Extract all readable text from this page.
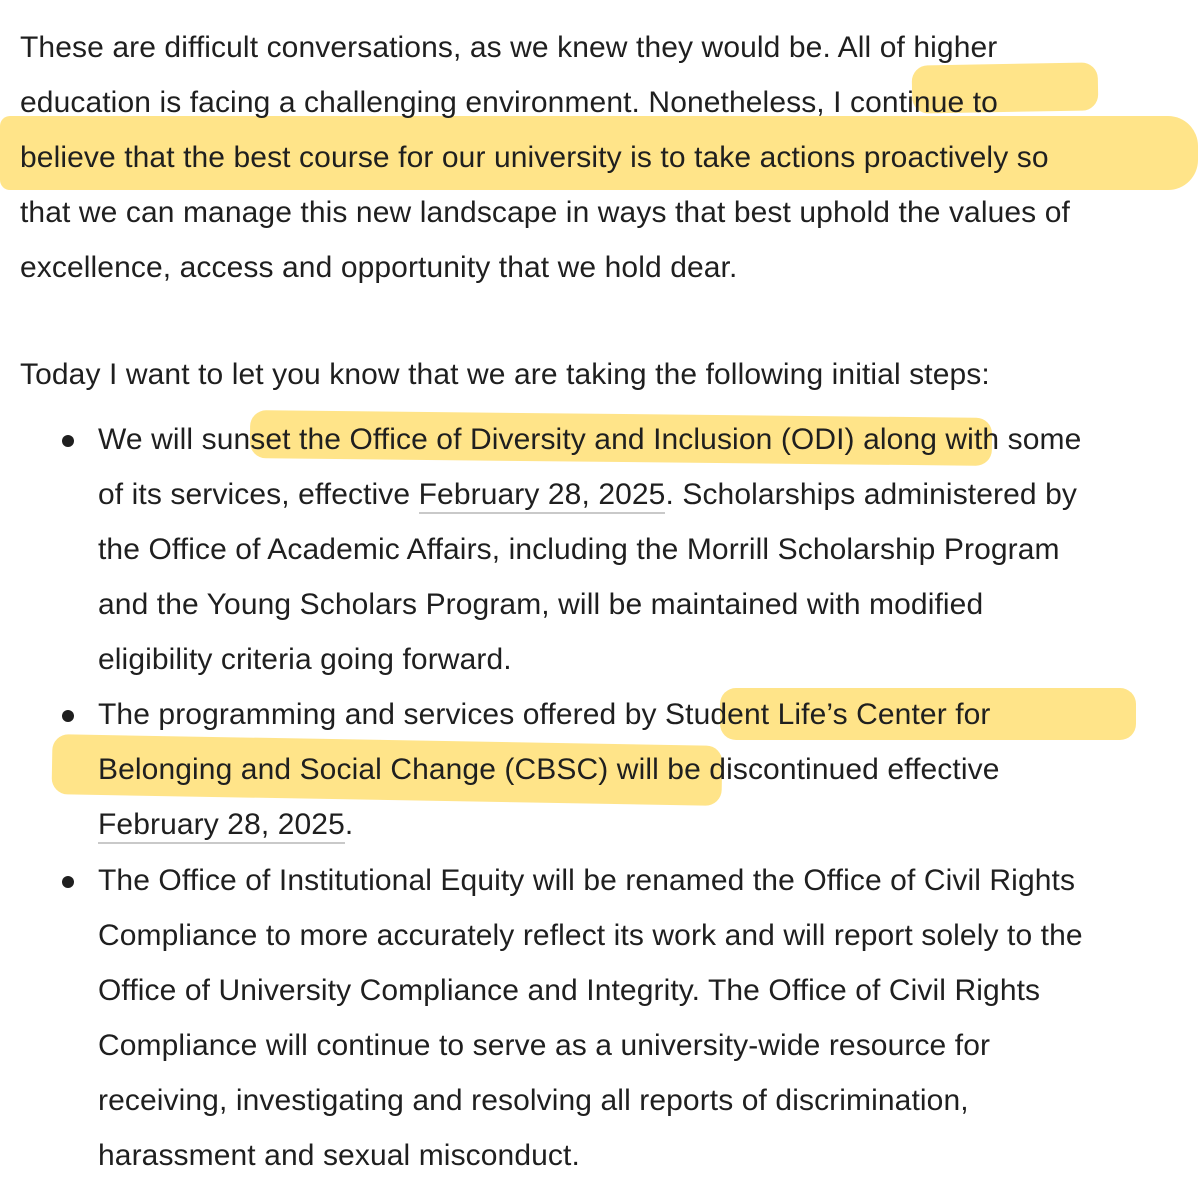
These are difficult conversations, as we knew they would be. All of higher

education is facing a challenging environment. Nonetheless, I continue to

believe that the best course for our university is to take actions proactively so

that we can manage this new landscape in ways that best uphold the values of

excellence, access and opportunity that we hold dear.

Today I want to let you know that we are taking the following initial steps:

We will sunset the Office of Diversity and Inclusion (ODI) along with some

of its services, effective February 28, 2025. Scholarships administered by

the Office of Academic Affairs, including the Morrill Scholarship Program

and the Young Scholars Program, will be maintained with modified

eligibility criteria going forward.

The programming and services offered by Student Life’s Center for

Belonging and Social Change (CBSC) will be discontinued effective

February 28, 2025.

The Office of Institutional Equity will be renamed the Office of Civil Rights

Compliance to more accurately reflect its work and will report solely to the

Office of University Compliance and Integrity. The Office of Civil Rights

Compliance will continue to serve as a university-wide resource for

receiving, investigating and resolving all reports of discrimination,

harassment and sexual misconduct.
